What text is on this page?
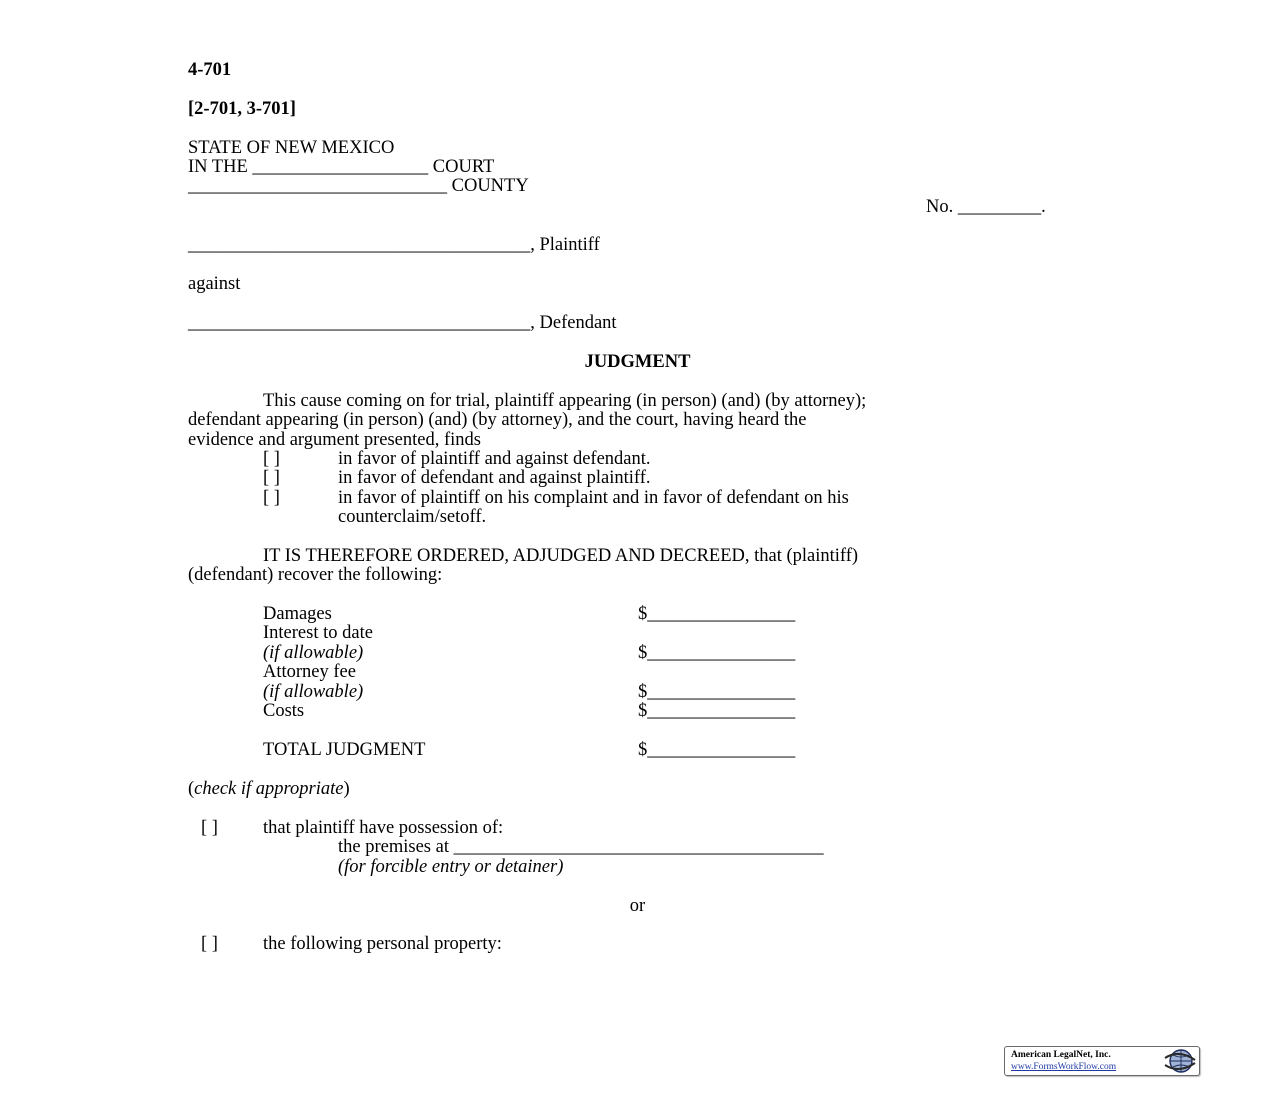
4-701
[2-701, 3-701]
STATE OF NEW MEXICO
IN THE ___________________ COURT
____________________________ COUNTY
No. _________.
_____________________________________, Plaintiff
against
_____________________________________, Defendant
JUDGMENT
This cause coming on for trial, plaintiff appearing (in person) (and) (by attorney);
defendant appearing (in person) (and) (by attorney), and the court, having heard the
evidence and argument presented, finds
[ ]	in favor of plaintiff and against defendant.
[ ]	in favor of defendant and against plaintiff.
[ ]	in favor of plaintiff on his complaint and in favor of defendant on his
counterclaim/setoff.
IT IS THEREFORE ORDERED, ADJUDGED AND DECREED, that (plaintiff)
(defendant) recover the following:
Damages	$________________
Interest to date
(if allowable)	$________________
Attorney fee
(if allowable)	$________________
Costs	$________________
TOTAL JUDGMENT	$________________
(check if appropriate)
[ ] that plaintiff have possession of:
the premises at ________________________________________
(for forcible entry or detainer)
or
[ ] the following personal property:
American LegalNet, Inc.
www.FormsWorkFlow.com
